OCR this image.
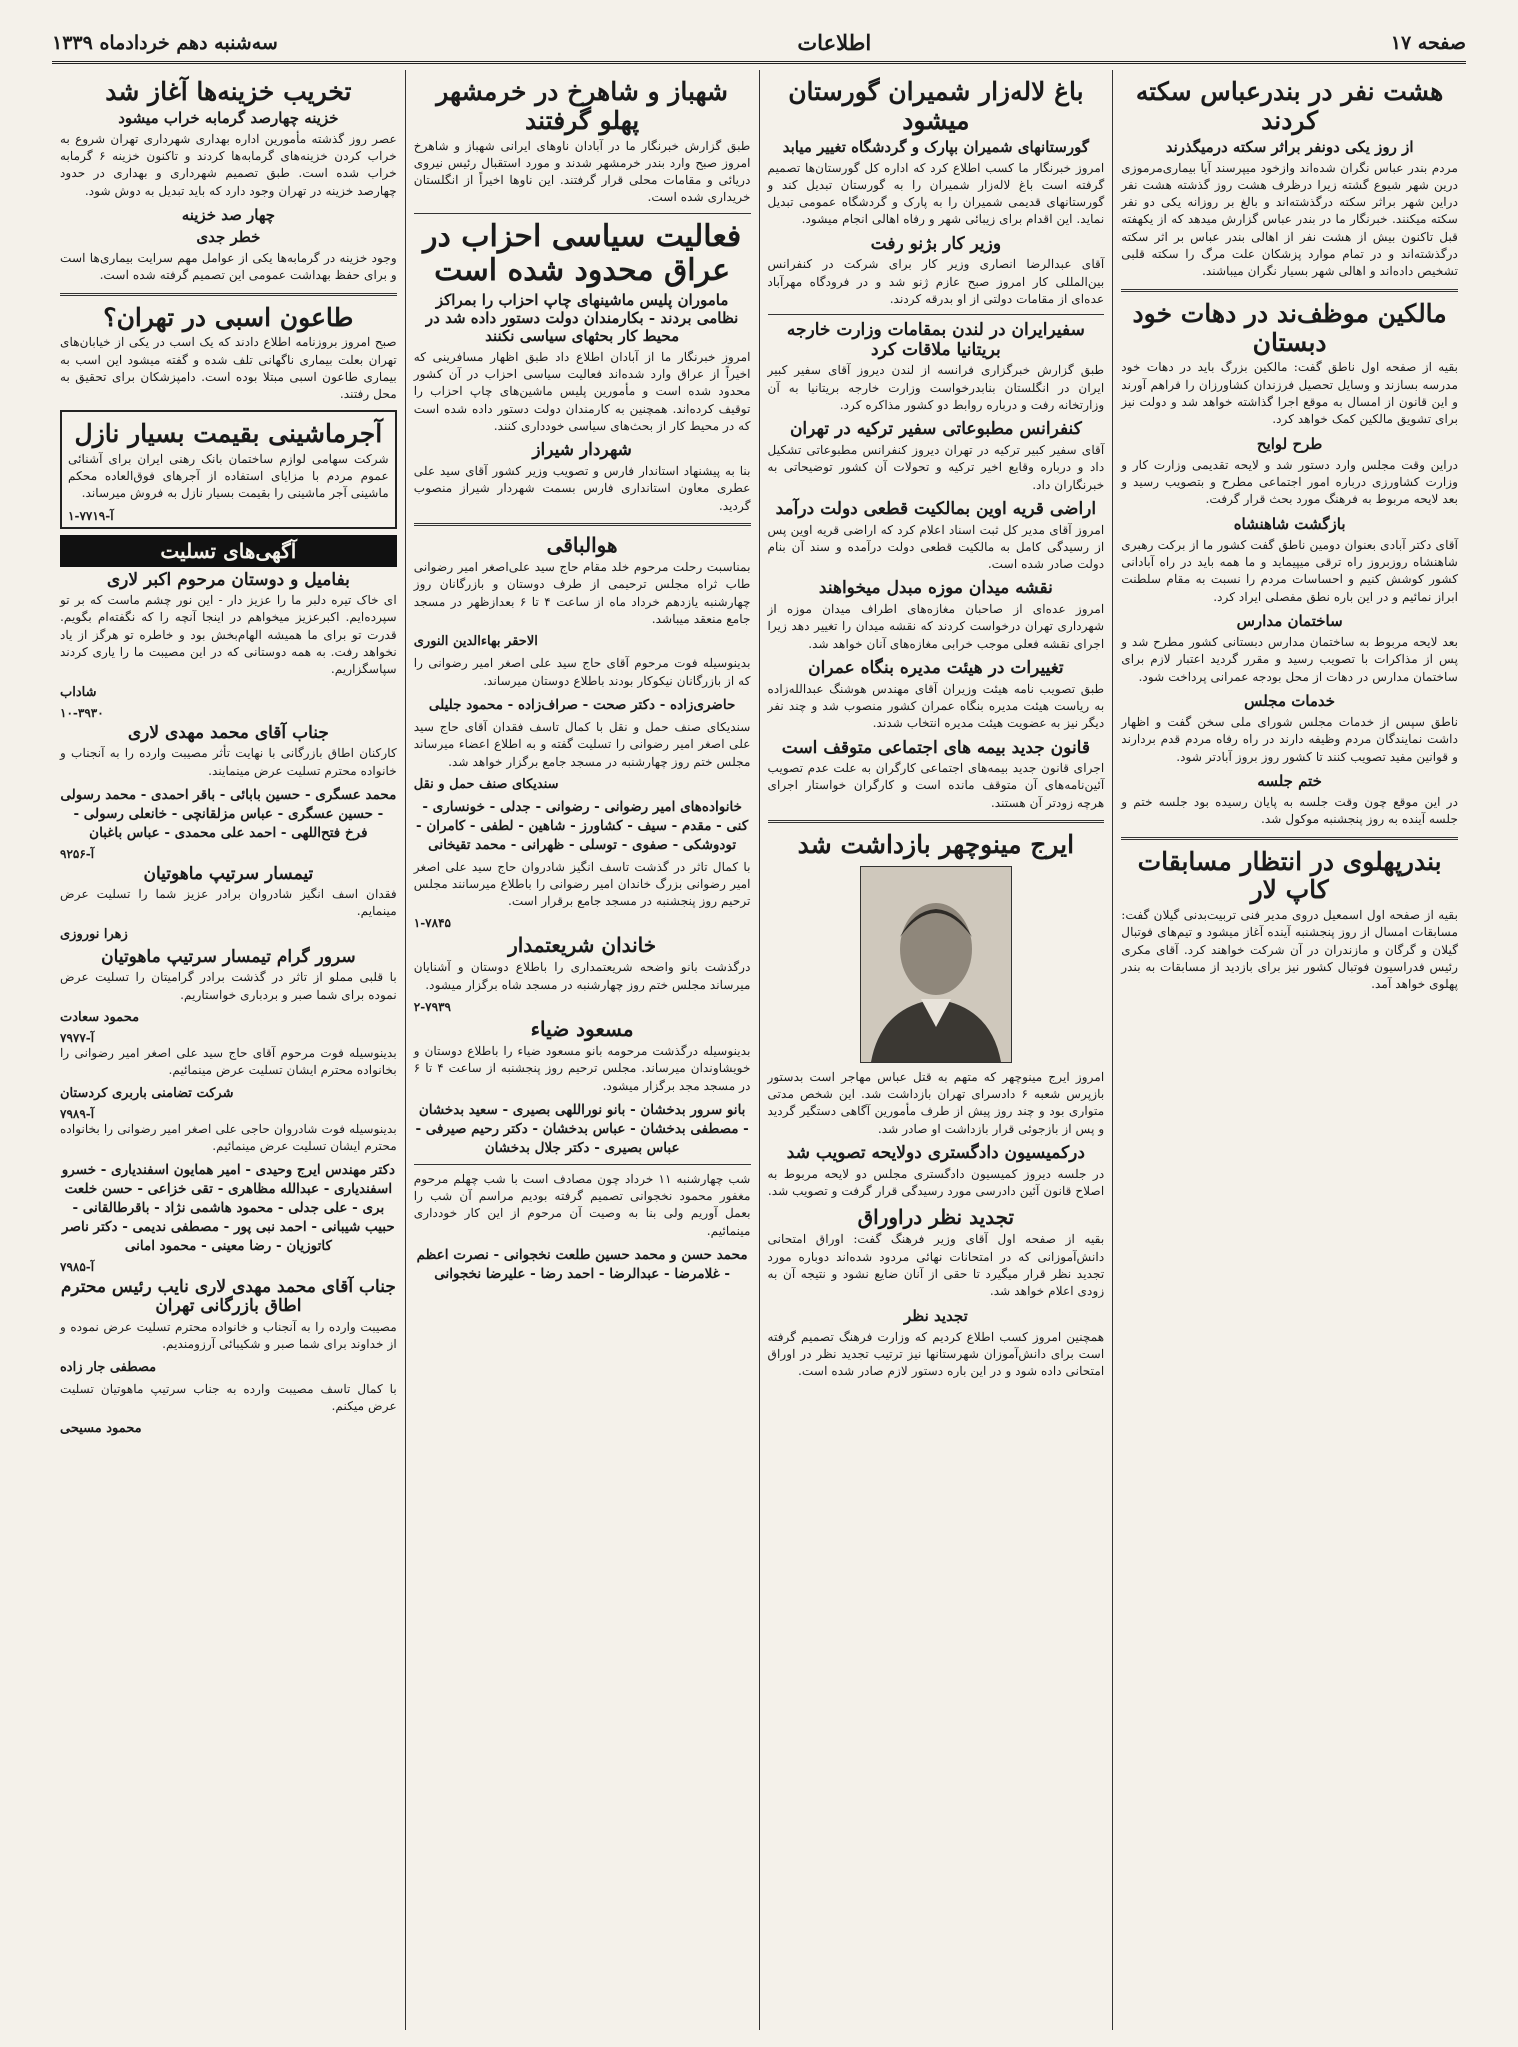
صفحه ۱۷
اطلاعات
سه‌شنبه دهم خردادماه ۱۳۳۹
هشت نفر در بندرعباس سکته کردند
از روز یکی دونفر براثر سکته درمیگذرند

مردم بندر عباس نگران شده‌اند وازخود میپرسند آیا بیماری‌مرموزی درین شهر شیوع گشته زیرا درظرف هشت روز گذشته هشت نفر دراین شهر براثر سکته درگذشته‌اند و بالغ بر روزانه یکی دو نفر سکته میکنند. خبرنگار ما در بندر عباس گزارش میدهد که از یکهفته قبل تاکنون بیش از هشت نفر از اهالی بندر عباس بر اثر سکته درگذشته‌اند و در تمام موارد پزشکان علت مرگ را سکته قلبی تشخیص داده‌اند و اهالی شهر بسیار نگران میباشند.

مالکین موظف‌ند در دهات خود دبستان

بقیه از صفحه اول ناطق گفت: مالکین بزرگ باید در دهات خود مدرسه بسازند و وسایل تحصیل فرزندان کشاورزان را فراهم آورند و این قانون از امسال به موقع اجرا گذاشته خواهد شد و دولت نیز برای تشویق مالکین کمک خواهد کرد.

طرح لوایح

دراین وقت مجلس وارد دستور شد و لایحه تقدیمی وزارت کار و وزارت کشاورزی درباره امور اجتماعی مطرح و بتصویب رسید و بعد لایحه مربوط به فرهنگ مورد بحث قرار گرفت.

بازگشت شاهنشاه

آقای دکتر آبادی بعنوان دومین ناطق گفت کشور ما از برکت رهبری شاهنشاه روزبروز راه ترقی میپیماید و ما همه باید در راه آبادانی کشور کوشش کنیم و احساسات مردم را نسبت به مقام سلطنت ابراز نمائیم و در این باره نطق مفصلی ایراد کرد.

ساختمان مدارس

بعد لایحه مربوط به ساختمان مدارس دبستانی کشور مطرح شد و پس از مذاکرات با تصویب رسید و مقرر گردید اعتبار لازم برای ساختمان مدارس در دهات از محل بودجه عمرانی پرداخت شود.

خدمات مجلس

ناطق سپس از خدمات مجلس شورای ملی سخن گفت و اظهار داشت نمایندگان مردم وظیفه دارند در راه رفاه مردم قدم بردارند و قوانین مفید تصویب کنند تا کشور روز بروز آبادتر شود.

ختم جلسه

در این موقع چون وقت جلسه به پایان رسیده بود جلسه ختم و جلسه آینده به روز پنجشنبه موکول شد.

بندرپهلوی در انتظار مسابقات کاپ لار

بقیه از صفحه اول اسمعیل دروی مدیر فنی تربیت‌بدنی گیلان گفت: مسابقات امسال از روز پنجشنبه آینده آغاز میشود و تیم‌های فوتبال گیلان و گرگان و مازندران در آن شرکت خواهند کرد. آقای مکری رئیس فدراسیون فوتبال کشور نیز برای بازدید از مسابقات به بندر پهلوی خواهد آمد.

باغ لاله‌زار شمیران گورستان میشود
گورستانهای شمیران بپارک و گردشگاه تغییر میابد

امروز خبرنگار ما کسب اطلاع کرد که اداره کل گورستان‌ها تصمیم گرفته است باغ لاله‌زار شمیران را به گورستان تبدیل کند و گورستانهای قدیمی شمیران را به پارک و گردشگاه عمومی تبدیل نماید. این اقدام برای زیبائی شهر و رفاه اهالی انجام میشود.

وزیر کار بژنو رفت

آقای عبدالرضا انصاری وزیر کار برای شرکت در کنفرانس بین‌المللی کار امروز صبح عازم ژنو شد و در فرودگاه مهرآباد عده‌ای از مقامات دولتی از او بدرقه کردند.

سفیرایران در لندن بمقامات وزارت خارجه بریتانیا ملاقات کرد

طبق گزارش خبرگزاری فرانسه از لندن دیروز آقای سفیر کبیر ایران در انگلستان بنابدرخواست وزارت خارجه بریتانیا به آن وزارتخانه رفت و درباره روابط دو کشور مذاکره کرد.

کنفرانس مطبوعاتی سفیر ترکیه در تهران

آقای سفیر کبیر ترکیه در تهران دیروز کنفرانس مطبوعاتی تشکیل داد و درباره وقایع اخیر ترکیه و تحولات آن کشور توضیحاتی به خبرنگاران داد.

اراضی قریه اوین بمالکیت قطعی دولت درآمد

امروز آقای مدیر کل ثبت اسناد اعلام کرد که اراضی قریه اوین پس از رسیدگی کامل به مالکیت قطعی دولت درآمده و سند آن بنام دولت صادر شده است.

نقشه میدان موزه مبدل میخواهند

امروز عده‌ای از صاحبان مغازه‌های اطراف میدان موزه از شهرداری تهران درخواست کردند که نقشه میدان را تغییر دهد زیرا اجرای نقشه فعلی موجب خرابی مغازه‌های آنان خواهد شد.

تغییرات در هیئت مدیره بنگاه عمران

طبق تصویب نامه هیئت وزیران آقای مهندس هوشنگ عبدالله‌زاده به ریاست هیئت مدیره بنگاه عمران کشور منصوب شد و چند نفر دیگر نیز به عضویت هیئت مدیره انتخاب شدند.

قانون جدید بیمه های اجتماعی متوقف است

اجرای قانون جدید بیمه‌های اجتماعی کارگران به علت عدم تصویب آئین‌نامه‌های آن متوقف مانده است و کارگران خواستار اجرای هرچه زودتر آن هستند.

ایرج مینوچهر بازداشت شد

امروز ایرج مینوچهر که متهم به قتل عباس مهاجر است بدستور بازپرس شعبه ۶ دادسرای تهران بازداشت شد. این شخص مدتی متواری بود و چند روز پیش از طرف مأمورین آگاهی دستگیر گردید و پس از بازجوئی قرار بازداشت او صادر شد.

درکمیسیون دادگستری دولایحه تصویب شد

در جلسه دیروز کمیسیون دادگستری مجلس دو لایحه مربوط به اصلاح قانون آئین دادرسی مورد رسیدگی قرار گرفت و تصویب شد.

تجدید نظر دراوراق

بقیه از صفحه اول آقای وزیر فرهنگ گفت: اوراق امتحانی دانش‌آموزانی که در امتحانات نهائی مردود شده‌اند دوباره مورد تجدید نظر قرار میگیرد تا حقی از آنان ضایع نشود و نتیجه آن به زودی اعلام خواهد شد.

تجدید نظر

همچنین امروز کسب اطلاع کردیم که وزارت فرهنگ تصمیم گرفته است برای دانش‌آموزان شهرستانها نیز ترتیب تجدید نظر در اوراق امتحانی داده شود و در این باره دستور لازم صادر شده است.

شهباز و شاهرخ در خرمشهر پهلو گرفتند

طبق گزارش خبرنگار ما در آبادان ناوهای ایرانی شهباز و شاهرخ امروز صبح وارد بندر خرمشهر شدند و مورد استقبال رئیس نیروی دریائی و مقامات محلی قرار گرفتند. این ناوها اخیراً از انگلستان خریداری شده است.

فعالیت سیاسی احزاب در عراق محدود شده است
ماموران پلیس ماشینهای چاپ احزاب را بمراکز نظامی بردند - بکارمندان دولت دستور داده شد در محیط کار بحثهای سیاسی نکنند

امروز خبرنگار ما از آبادان اطلاع داد طبق اظهار مسافرینی که اخیراً از عراق وارد شده‌اند فعالیت سیاسی احزاب در آن کشور محدود شده است و مأمورین پلیس ماشین‌های چاپ احزاب را توقیف کرده‌اند. همچنین به کارمندان دولت دستور داده شده است که در محیط کار از بحث‌های سیاسی خودداری کنند.

شهردار شیراز

بنا به پیشنهاد استاندار فارس و تصویب وزیر کشور آقای سید علی عطری معاون استانداری فارس بسمت شهردار شیراز منصوب گردید.

هوالباقی

بمناسبت رحلت مرحوم خلد مقام حاج سید علی‌اصغر امیر رضوانی طاب ثراه مجلس ترحیمی از طرف دوستان و بازرگانان روز چهارشنبه یازدهم خرداد ماه از ساعت ۴ تا ۶ بعدازظهر در مسجد جامع منعقد میباشد.

الاحقر بهاءالدین النوری

بدینوسیله فوت مرحوم آقای حاج سید علی اصغر امیر رضوانی را که از بازرگانان نیکوکار بودند باطلاع دوستان میرساند.

حاضری‌زاده - دکتر صحت - صراف‌زاده - محمود جلیلی

سندیکای صنف حمل و نقل با کمال تاسف فقدان آقای حاج سید علی اصغر امیر رضوانی را تسلیت گفته و به اطلاع اعضاء میرساند مجلس ختم روز چهارشنبه در مسجد جامع برگزار خواهد شد.

سندیکای صنف حمل و نقل
خانواده‌های امیر رضوانی - رضوانی - جدلی - خونساری - کنی - مقدم - سیف - کشاورز - شاهین - لطفی - کامران - تودوشکی - صفوی - توسلی - ظهرانی - محمد تقیخانی

با کمال تاثر در گذشت تاسف انگیز شادروان حاج سید علی اصغر امیر رضوانی بزرگ خاندان امیر رضوانی را باطلاع میرسانند مجلس ترحیم روز پنجشنبه در مسجد جامع برقرار است.

۱-۷۸۴۵
خاندان شریعتمدار

درگذشت بانو واضحه شریعتمداری را باطلاع دوستان و آشنایان میرساند مجلس ختم روز چهارشنبه در مسجد شاه برگزار میشود.

۲-۷۹۳۹
مسعود ضیاء

بدینوسیله درگذشت مرحومه بانو مسعود ضیاء را باطلاع دوستان و خویشاوندان میرساند. مجلس ترحیم روز پنجشنبه از ساعت ۴ تا ۶ در مسجد مجد برگزار میشود.

بانو سرور بدخشان - بانو نوراللهی بصیری - سعید بدخشان - مصطفی بدخشان - عباس بدخشان - دکتر رحیم صیرفی - عباس بصیری - دکتر جلال بدخشان

شب چهارشنبه ۱۱ خرداد چون مصادف است با شب چهلم مرحوم مغفور محمود نخجوانی تصمیم گرفته بودیم مراسم آن شب را بعمل آوریم ولی بنا به وصیت آن مرحوم از این کار خودداری مینمائیم.

محمد حسن و محمد حسین طلعت نخجوانی - نصرت اعظم - غلامرضا - عبدالرضا - احمد رضا - علیرضا نخجوانی
تخریب خزینه‌ها آغاز شد
خزینه چهارصد گرمابه خراب میشود

عصر روز گذشته مأمورین اداره بهداری شهرداری تهران شروع به خراب کردن خزینه‌های گرمابه‌ها کردند و تاکنون خزینه ۶ گرمابه خراب شده است. طبق تصمیم شهرداری و بهداری در حدود چهارصد خزینه در تهران وجود دارد که باید تبدیل به دوش شود.

چهار صد خزینه
خطر جدی

وجود خزینه در گرمابه‌ها یکی از عوامل مهم سرایت بیماری‌ها است و برای حفظ بهداشت عمومی این تصمیم گرفته شده است.

طاعون اسبی در تهران؟

صبح امروز بروزنامه اطلاع دادند که یک اسب در یکی از خیابان‌های تهران بعلت بیماری ناگهانی تلف شده و گفته میشود این اسب به بیماری طاعون اسبی مبتلا بوده است. دامپزشکان برای تحقیق به محل رفتند.

آجرماشینی بقیمت بسیار نازل

شرکت سهامی لوازم ساختمان بانک رهنی ایران برای آشنائی عموم مردم با مزایای استفاده از آجرهای فوق‌العاده محکم ماشینی آجر ماشینی را بقیمت بسیار نازل به فروش میرساند.

آ-۷۷۱۹-۱
آگهی‌های تسلیت
بفامیل و دوستان مرحوم اکبر لاری

ای خاک تیره دلبر ما را عزیز دار - این نور چشم ماست که بر تو سپرده‌ایم. اکبرعزیز میخواهم در اینجا آنچه را که نگفته‌ام بگویم. قدرت تو برای ما همیشه الهام‌بخش بود و خاطره تو هرگز از یاد نخواهد رفت. به همه دوستانی که در این مصیبت ما را یاری کردند سپاسگزاریم.

شاداب
۱۰-۳۹۳۰
جناب آقای محمد مهدی لاری

کارکنان اطاق بازرگانی با نهایت تأثر مصیبت وارده را به آنجناب و خانواده محترم تسلیت عرض مینمایند.

محمد عسگری - حسین بابائی - باقر احمدی - محمد رسولی - حسین عسگری - عباس مزلقانچی - خانعلی رسولی - فرخ فتح‌اللهی - احمد علی محمدی - عباس باغبان
آ-۹۲۵۶
تیمسار سرتیپ ماهوتیان

فقدان اسف انگیز شادروان برادر عزیز شما را تسلیت عرض مینمایم.

زهرا نوروزی
سرور گرام تیمسار سرتیپ ماهوتیان

با قلبی مملو از تاثر در گذشت برادر گرامیتان را تسلیت عرض نموده برای شما صبر و بردباری خواستاریم.

محمود سعادت
آ-۷۹۷۷

بدینوسیله فوت مرحوم آقای حاج سید علی اصغر امیر رضوانی را بخانواده محترم ایشان تسلیت عرض مینمائیم.

شرکت تضامنی باربری کردستان
آ-۷۹۸۹

بدینوسیله فوت شادروان حاجی علی اصغر امیر رضوانی را بخانواده محترم ایشان تسلیت عرض مینمائیم.

دکتر مهندس ایرج وحیدی - امیر همایون اسفندیاری - خسرو اسفندیاری - عبدالله مظاهری - تقی خزاعی - حسن خلعت بری - علی جدلی - محمود هاشمی نژاد - باقرطالقانی - حبیب شیبانی - احمد نبی پور - مصطفی ندیمی - دکتر ناصر کاتوزیان - رضا معینی - محمود امانی
آ-۷۹۸۵
جناب آقای محمد مهدی لاری نایب رئیس محترم اطاق بازرگانی تهران

مصیبت وارده را به آنجناب و خانواده محترم تسلیت عرض نموده و از خداوند برای شما صبر و شکیبائی آرزومندیم.

مصطفی جار زاده

با کمال تاسف مصیبت وارده به جناب سرتیپ ماهوتیان تسلیت عرض میکنم.

محمود مسیحی
